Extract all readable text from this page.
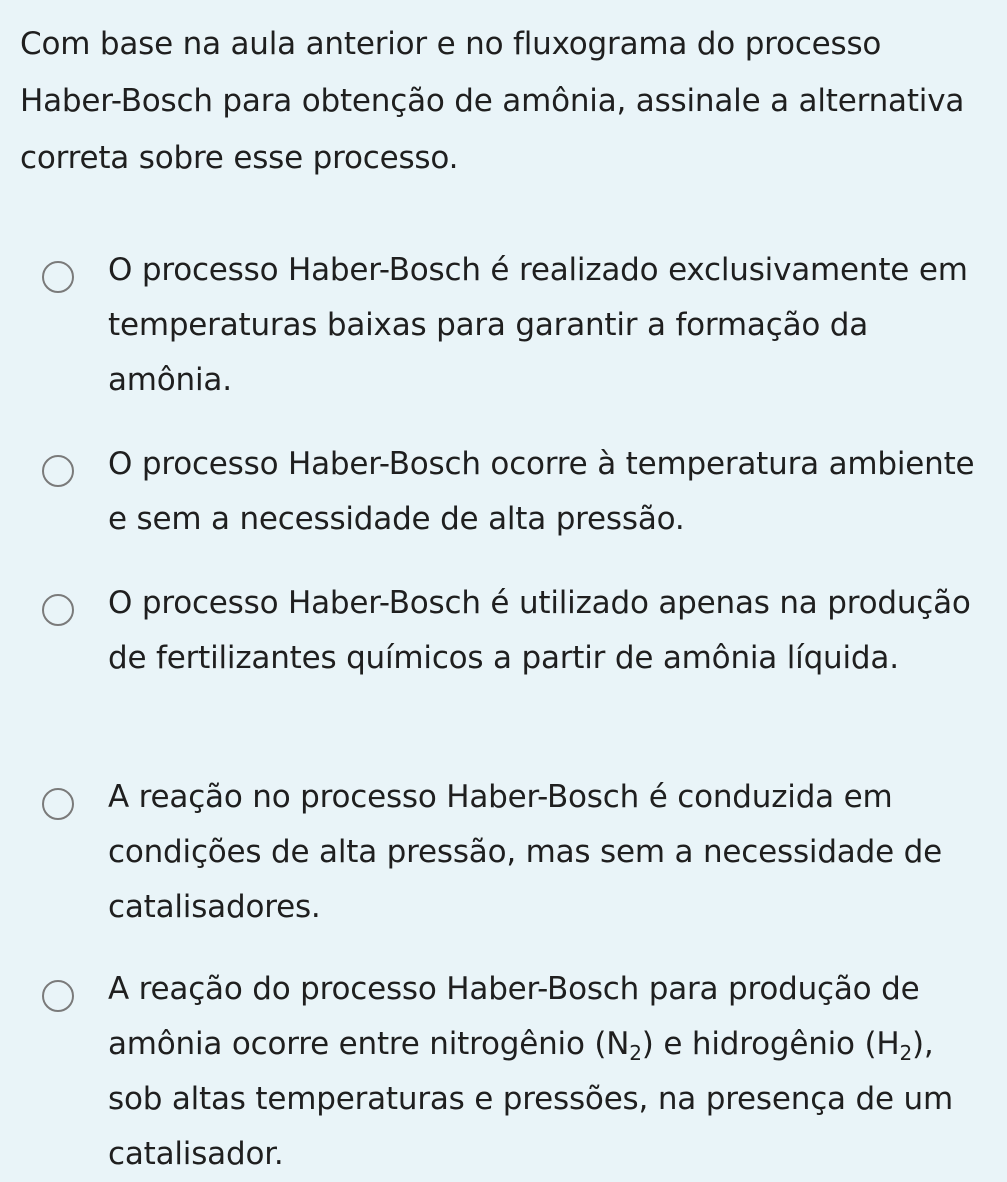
Com base na aula anterior e no fluxograma do processo Haber-Bosch para obtenção de amônia, assinale a alternativa correta sobre esse processo.

O processo Haber-Bosch é realizado exclusivamente em temperaturas baixas para garantir a formação da amônia.
O processo Haber-Bosch ocorre à temperatura ambiente e sem a necessidade de alta pressão.
O processo Haber-Bosch é utilizado apenas na produção de fertilizantes químicos a partir de amônia líquida.
A reação no processo Haber-Bosch é conduzida em condições de alta pressão, mas sem a necessidade de catalisadores.
A reação do processo Haber-Bosch para produção de amônia ocorre entre nitrogênio $(N_2)$ e hidrogênio $(H_2)$, sob altas temperaturas e pressões, na presença de um catalisador.
